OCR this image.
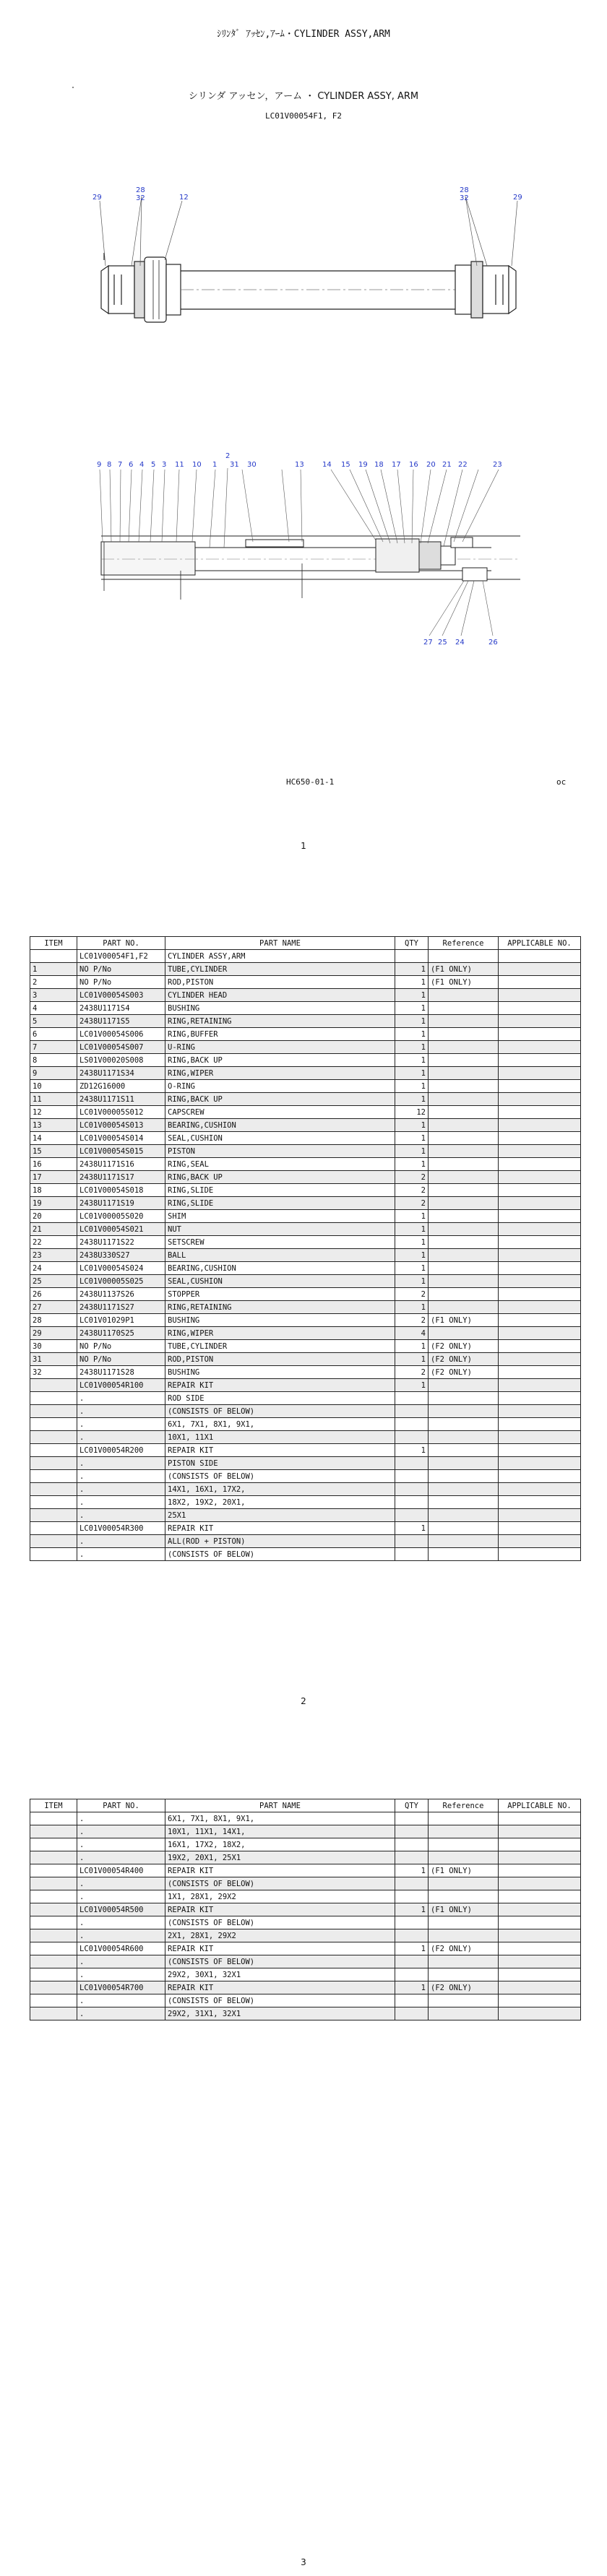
ｼﾘﾝﾀﾞ ｱｯｾﾝ,ｱｰﾑ・CYLINDER ASSY,ARM
シリンダ アッセン，アーム ・ CYLINDER ASSY, ARM
LC01V00054F1, F2
29
28
32	12
28
32	29
9 8 7 6 4 5 3 11 10
2
1 31 30	13	14 15 19 18 17 16 20 21 22	23
27 25 24	26
HC650-01-1	oc
1
ITEM	PART NO.	PART NAME	QTY	Reference	APPLICABLE NO.
	LC01V00054F1,F2	CYLINDER ASSY,ARM			
1	NO P/No	TUBE,CYLINDER	1	(F1 ONLY)	
2	NO P/No	ROD,PISTON	1	(F1 ONLY)	
3	LC01V00054S003	CYLINDER HEAD	1		
4	2438U1171S4	BUSHING	1		
5	2438U1171S5	RING,RETAINING	1		
6	LC01V00054S006	RING,BUFFER	1		
7	LC01V00054S007	U-RING	1		
8	LS01V00020S008	RING,BACK UP	1		
9	2438U1171S34	RING,WIPER	1		
10	ZD12G16000	O-RING	1		
11	2438U1171S11	RING,BACK UP	1		
12	LC01V00005S012	CAPSCREW	12		
13	LC01V00054S013	BEARING,CUSHION	1		
14	LC01V00054S014	SEAL,CUSHION	1		
15	LC01V00054S015	PISTON	1		
16	2438U1171S16	RING,SEAL	1		
17	2438U1171S17	RING,BACK UP	2		
18	LC01V00054S018	RING,SLIDE	2		
19	2438U1171S19	RING,SLIDE	2		
20	LC01V00005S020	SHIM	1		
21	LC01V00054S021	NUT	1		
22	2438U1171S22	SETSCREW	1		
23	2438U330S27	BALL	1		
24	LC01V00054S024	BEARING,CUSHION	1		
25	LC01V00005S025	SEAL,CUSHION	1		
26	2438U1137S26	STOPPER	2		
27	2438U1171S27	RING,RETAINING	1		
28	LC01V01029P1	BUSHING	2	(F1 ONLY)	
29	2438U1170S25	RING,WIPER	4		
30	NO P/No	TUBE,CYLINDER	1	(F2 ONLY)	
31	NO P/No	ROD,PISTON	1	(F2 ONLY)	
32	2438U1171S28	BUSHING	2	(F2 ONLY)	
	LC01V00054R100	REPAIR KIT	1		
	.	ROD SIDE			
	.	(CONSISTS OF BELOW)			
	.	6X1, 7X1, 8X1, 9X1,			
	.	10X1, 11X1			
	LC01V00054R200	REPAIR KIT	1		
	.	PISTON SIDE			
	.	(CONSISTS OF BELOW)			
	.	14X1, 16X1, 17X2,			
	.	18X2, 19X2, 20X1,			
	.	25X1			
	LC01V00054R300	REPAIR KIT	1		
	.	ALL(ROD + PISTON)			
	.	(CONSISTS OF BELOW)			
2
ITEM	PART NO.	PART NAME	QTY	Reference	APPLICABLE NO.
	.	6X1, 7X1, 8X1, 9X1,			
	.	10X1, 11X1, 14X1,			
	.	16X1, 17X2, 18X2,			
	.	19X2, 20X1, 25X1			
	LC01V00054R400	REPAIR KIT	1	(F1 ONLY)	
	.	(CONSISTS OF BELOW)			
	.	1X1, 28X1, 29X2			
	LC01V00054R500	REPAIR KIT	1	(F1 ONLY)	
	.	(CONSISTS OF BELOW)			
	.	2X1, 28X1, 29X2			
	LC01V00054R600	REPAIR KIT	1	(F2 ONLY)	
	.	(CONSISTS OF BELOW)			
	.	29X2, 30X1, 32X1			
	LC01V00054R700	REPAIR KIT	1	(F2 ONLY)	
	.	(CONSISTS OF BELOW)			
	.	29X2, 31X1, 32X1			
3
